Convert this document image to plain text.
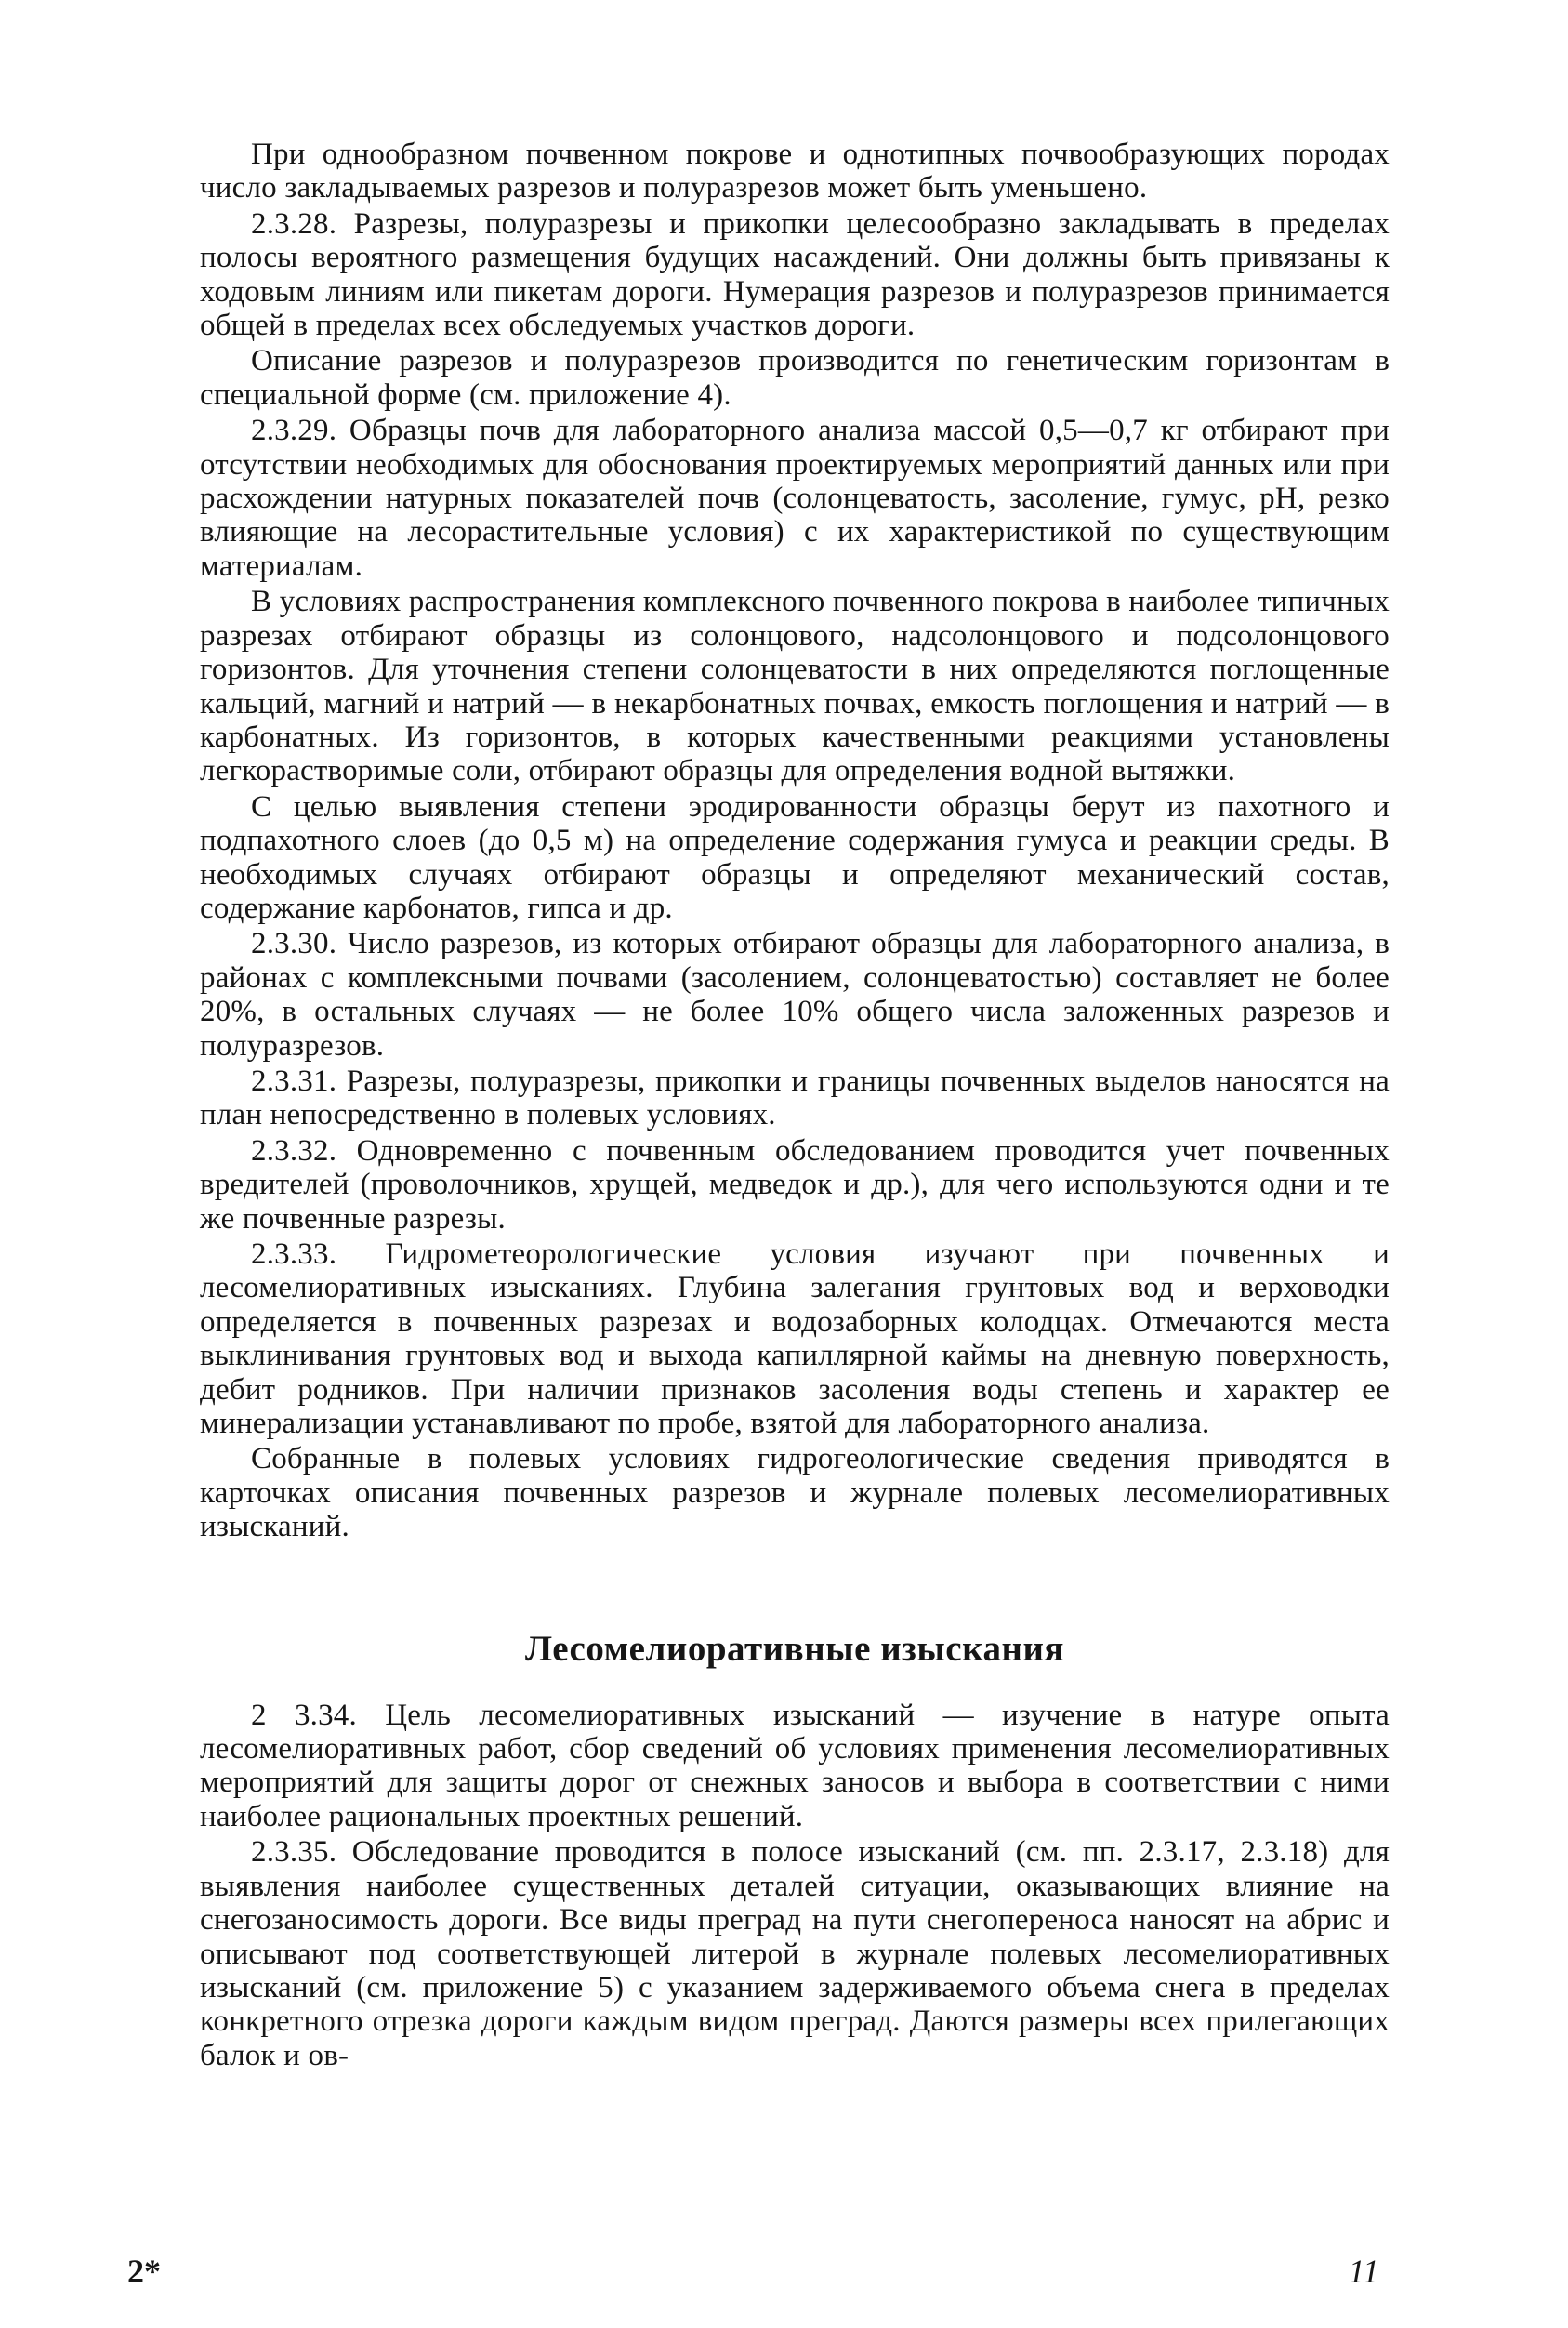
При однообразном почвенном покрове и однотипных почвообразующих породах число закладываемых разрезов и полуразрезов может быть уменьшено.

2.3.28. Разрезы, полуразрезы и прикопки целесообразно закладывать в пределах полосы вероятного размещения будущих насаждений. Они должны быть привязаны к ходовым линиям или пикетам дороги. Нумерация разрезов и полуразрезов принимается общей в пределах всех обследуемых участков дороги.

Описание разрезов и полуразрезов производится по генетическим горизонтам в специальной форме (см. приложение 4).

2.3.29. Образцы почв для лабораторного анализа массой 0,5—0,7 кг отбирают при отсутствии необходимых для обоснования проектируемых мероприятий данных или при расхождении натурных показателей почв (солонцеватость, засоление, гумус, pH, резко влияющие на лесорастительные условия) с их характеристикой по существующим материалам.

В условиях распространения комплексного почвенного покрова в наиболее типичных разрезах отбирают образцы из солонцового, надсолонцового и подсолонцового горизонтов. Для уточнения степени солонцеватости в них определяются поглощенные кальций, магний и натрий — в некарбонатных почвах, емкость поглощения и натрий — в карбонатных. Из горизонтов, в которых качественными реакциями установлены легкорастворимые соли, отбирают образцы для определения водной вытяжки.

С целью выявления степени эродированности образцы берут из пахотного и подпахотного слоев (до 0,5 м) на определение содержания гумуса и реакции среды. В необходимых случаях отбирают образцы и определяют механический состав, содержание карбонатов, гипса и др.

2.3.30. Число разрезов, из которых отбирают образцы для лабораторного анализа, в районах с комплексными почвами (засолением, солонцеватостью) составляет не более 20%, в остальных случаях — не более 10% общего числа заложенных разрезов и полуразрезов.

2.3.31. Разрезы, полуразрезы, прикопки и границы почвенных выделов наносятся на план непосредственно в полевых условиях.

2.3.32. Одновременно с почвенным обследованием проводится учет почвенных вредителей (проволочников, хрущей, медведок и др.), для чего используются одни и те же почвенные разрезы.

2.3.33. Гидрометеорологические условия изучают при почвенных и лесомелиоративных изысканиях. Глубина залегания грунтовых вод и верховодки определяется в почвенных разрезах и водозаборных колодцах. Отмечаются места выклинивания грунтовых вод и выхода капиллярной каймы на дневную поверхность, дебит родников. При наличии признаков засоления воды степень и характер ее минерализации устанавливают по пробе, взятой для лабораторного анализа.

Собранные в полевых условиях гидрогеологические сведения приводятся в карточках описания почвенных разрезов и журнале полевых лесомелиоративных изысканий.

Лесомелиоративные изыскания

2 3.34. Цель лесомелиоративных изысканий — изучение в натуре опыта лесомелиоративных работ, сбор сведений об условиях применения лесомелиоративных мероприятий для защиты дорог от снежных заносов и выбора в соответствии с ними наиболее рациональных проектных решений.

2.3.35. Обследование проводится в полосе изысканий (см. пп. 2.3.17, 2.3.18) для выявления наиболее существенных деталей ситуации, оказывающих влияние на снегозаносимость дороги. Все виды преград на пути снегопереноса наносят на абрис и описывают под соответствующей литерой в журнале полевых лесомелиоративных изысканий (см. приложение 5) с указанием задерживаемого объема снега в пределах конкретного отрезка дороги каждым видом преград. Даются размеры всех прилегающих балок и ов-

2*	11
